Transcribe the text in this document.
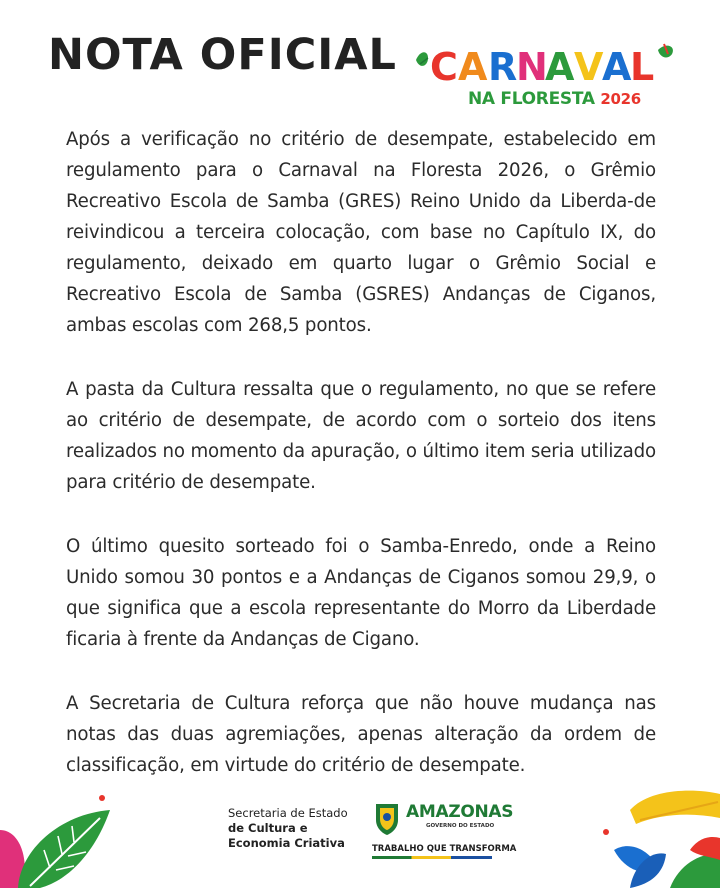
NOTA OFICIAL C A R
N
A V
A
L
NA FLORESTA 2026

Após a verificação no critério de desempate, estabelecido em regulamento para o Carnaval na Floresta 2026, o Grêmio Recreativo Escola de Samba (GRES) Reino Unido da Liberda-de reivindicou a terceira colocação, com base no Capítulo IX, do regulamento, deixado em quarto lugar o Grêmio Social e Recreativo Escola de Samba (GSRES) Andanças de Ciganos, ambas escolas com 268,5 pontos.

A pasta da Cultura ressalta que o regulamento, no que se refere ao critério de desempate, de acordo com o sorteio dos itens realizados no momento da apuração, o último item seria utilizado para critério de desempate.

O último quesito sorteado foi o Samba-Enredo, onde a Reino Unido somou 30 pontos e a Andanças de Ciganos somou 29,9, o que significa que a escola representante do Morro da Liberdade ficaria à frente da Andanças de Cigano.

A Secretaria de Cultura reforça que não houve mudança nas notas das duas agremiações, apenas alteração da ordem de classificação, em virtude do critério de desempate.

Secretaria de Estado
de Cultura e
Economia Criativa
AMAZONAS
GOVERNO DO ESTADO
TRABALHO QUE TRANSFORMA
